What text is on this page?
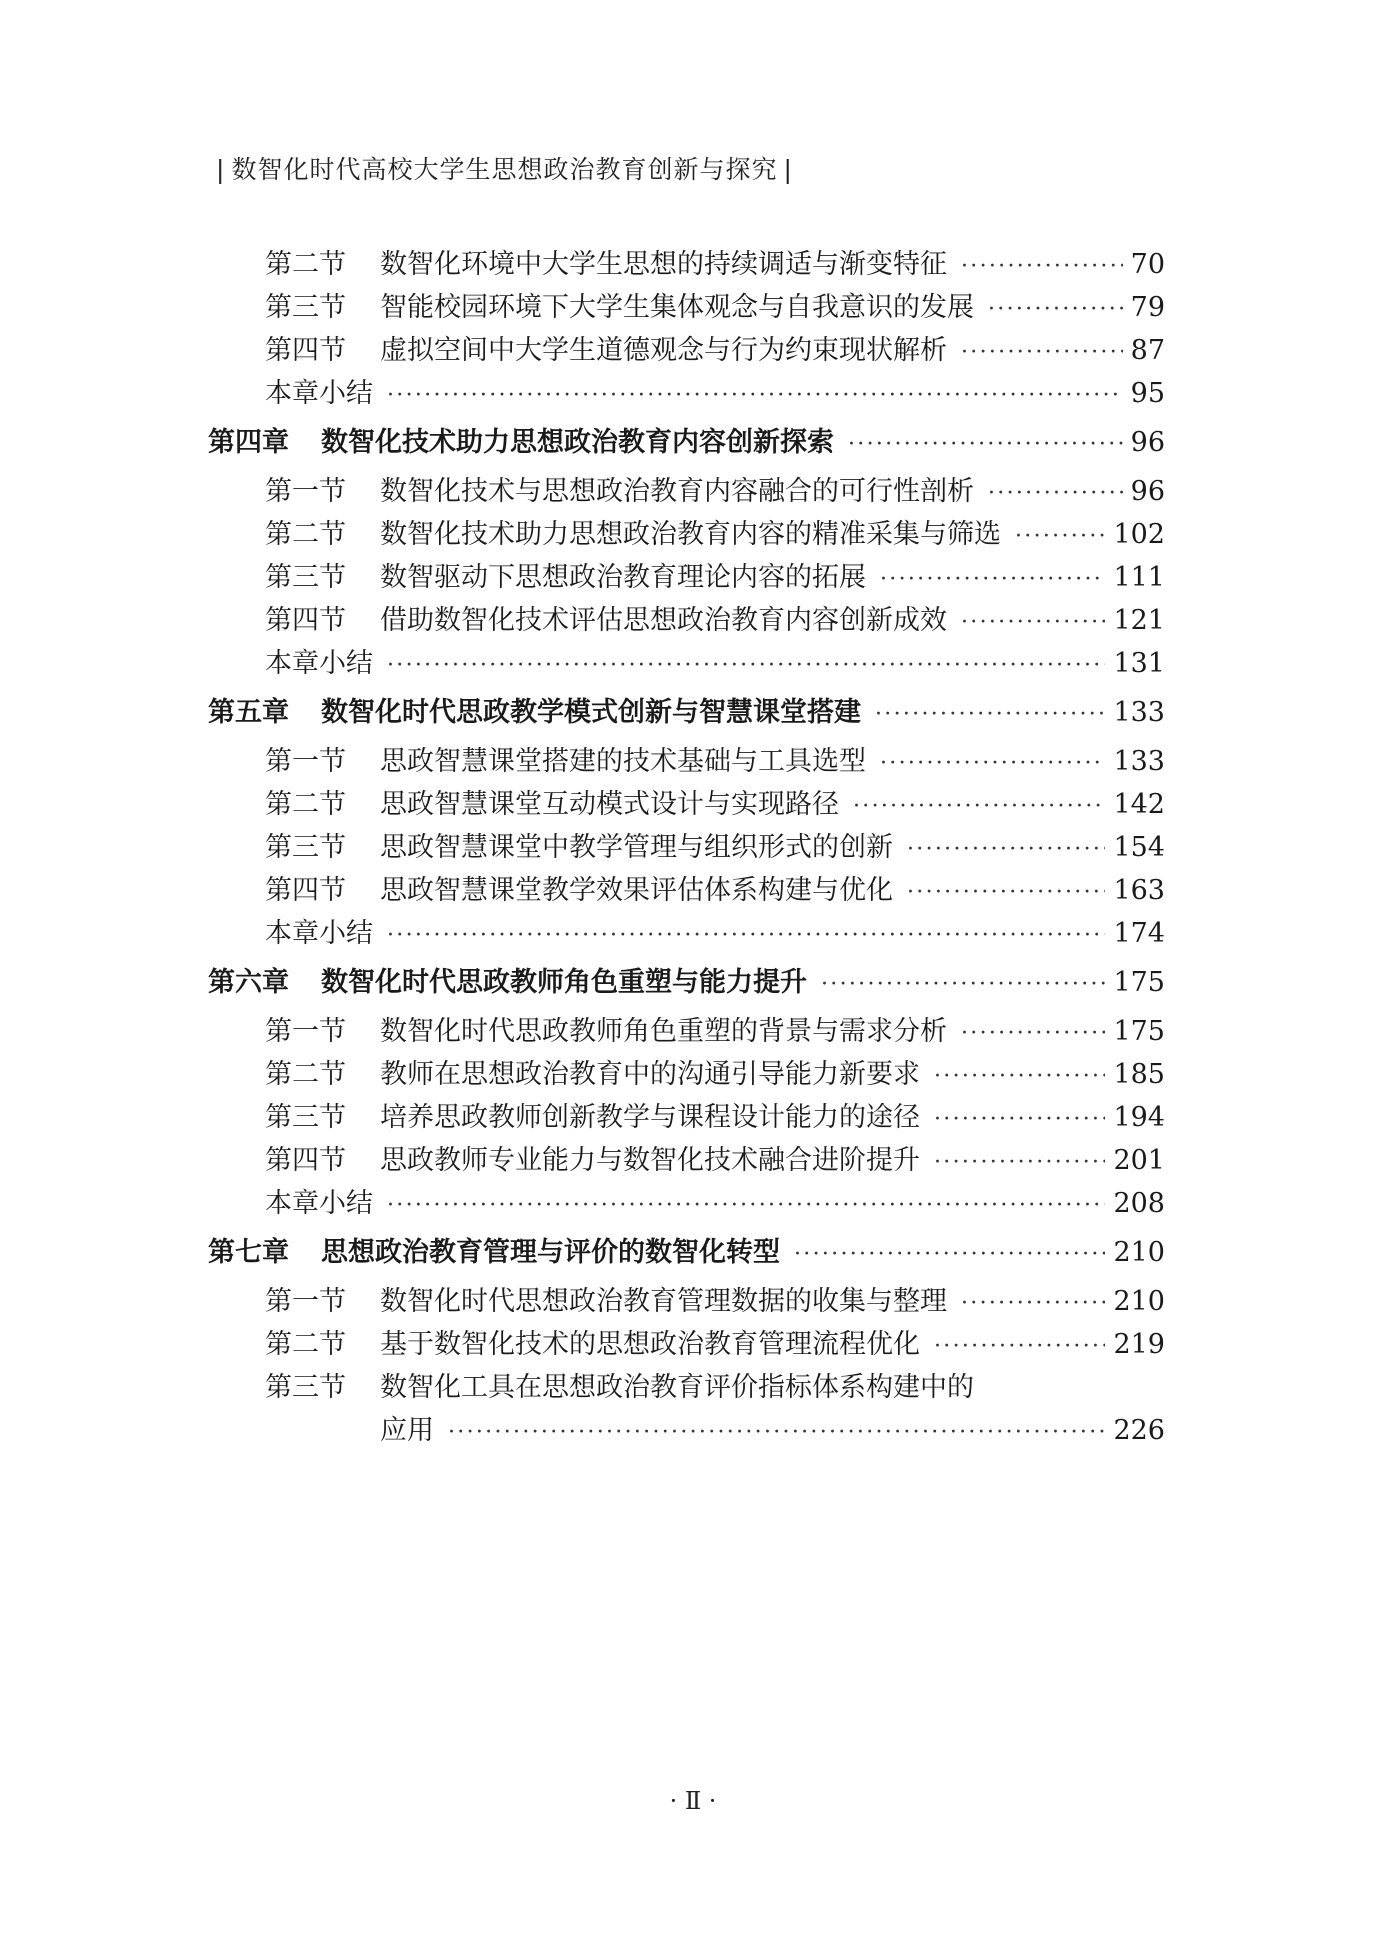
| 数智化时代高校大学生思想政治教育创新与探究 |
第二节	数智化环境中大学生思想的持续调适与渐变特征 ·····	70
第三节	智能校园环境下大学生集体观念与自我意识的发展 ·····	79
第四节	虚拟空间中大学生道德观念与行为约束现状解析 ·····	87
本章小结 ·····	95
第四章	数智化技术助力思想政治教育内容创新探索 ·····	96
第一节	数智化技术与思想政治教育内容融合的可行性剖析 ·····	96
第二节	数智化技术助力思想政治教育内容的精准采集与筛选 ·····	102
第三节	数智驱动下思想政治教育理论内容的拓展 ·····	111
第四节	借助数智化技术评估思想政治教育内容创新成效 ·····	121
本章小结 ·····	131
第五章	数智化时代思政教学模式创新与智慧课堂搭建 ·····	133
第一节	思政智慧课堂搭建的技术基础与工具选型 ·····	133
第二节	思政智慧课堂互动模式设计与实现路径 ·····	142
第三节	思政智慧课堂中教学管理与组织形式的创新 ·····	154
第四节	思政智慧课堂教学效果评估体系构建与优化 ·····	163
本章小结 ·····	174
第六章	数智化时代思政教师角色重塑与能力提升 ·····	175
第一节	数智化时代思政教师角色重塑的背景与需求分析 ·····	175
第二节	教师在思想政治教育中的沟通引导能力新要求 ·····	185
第三节	培养思政教师创新教学与课程设计能力的途径 ·····	194
第四节	思政教师专业能力与数智化技术融合进阶提升 ·····	201
本章小结 ·····	208
第七章	思想政治教育管理与评价的数智化转型 ·····	210
第一节	数智化时代思想政治教育管理数据的收集与整理 ·····	210
第二节	基于数智化技术的思想政治教育管理流程优化 ·····	219
第三节	数智化工具在思想政治教育评价指标体系构建中的
应用 ·····	226
· Ⅱ ·
